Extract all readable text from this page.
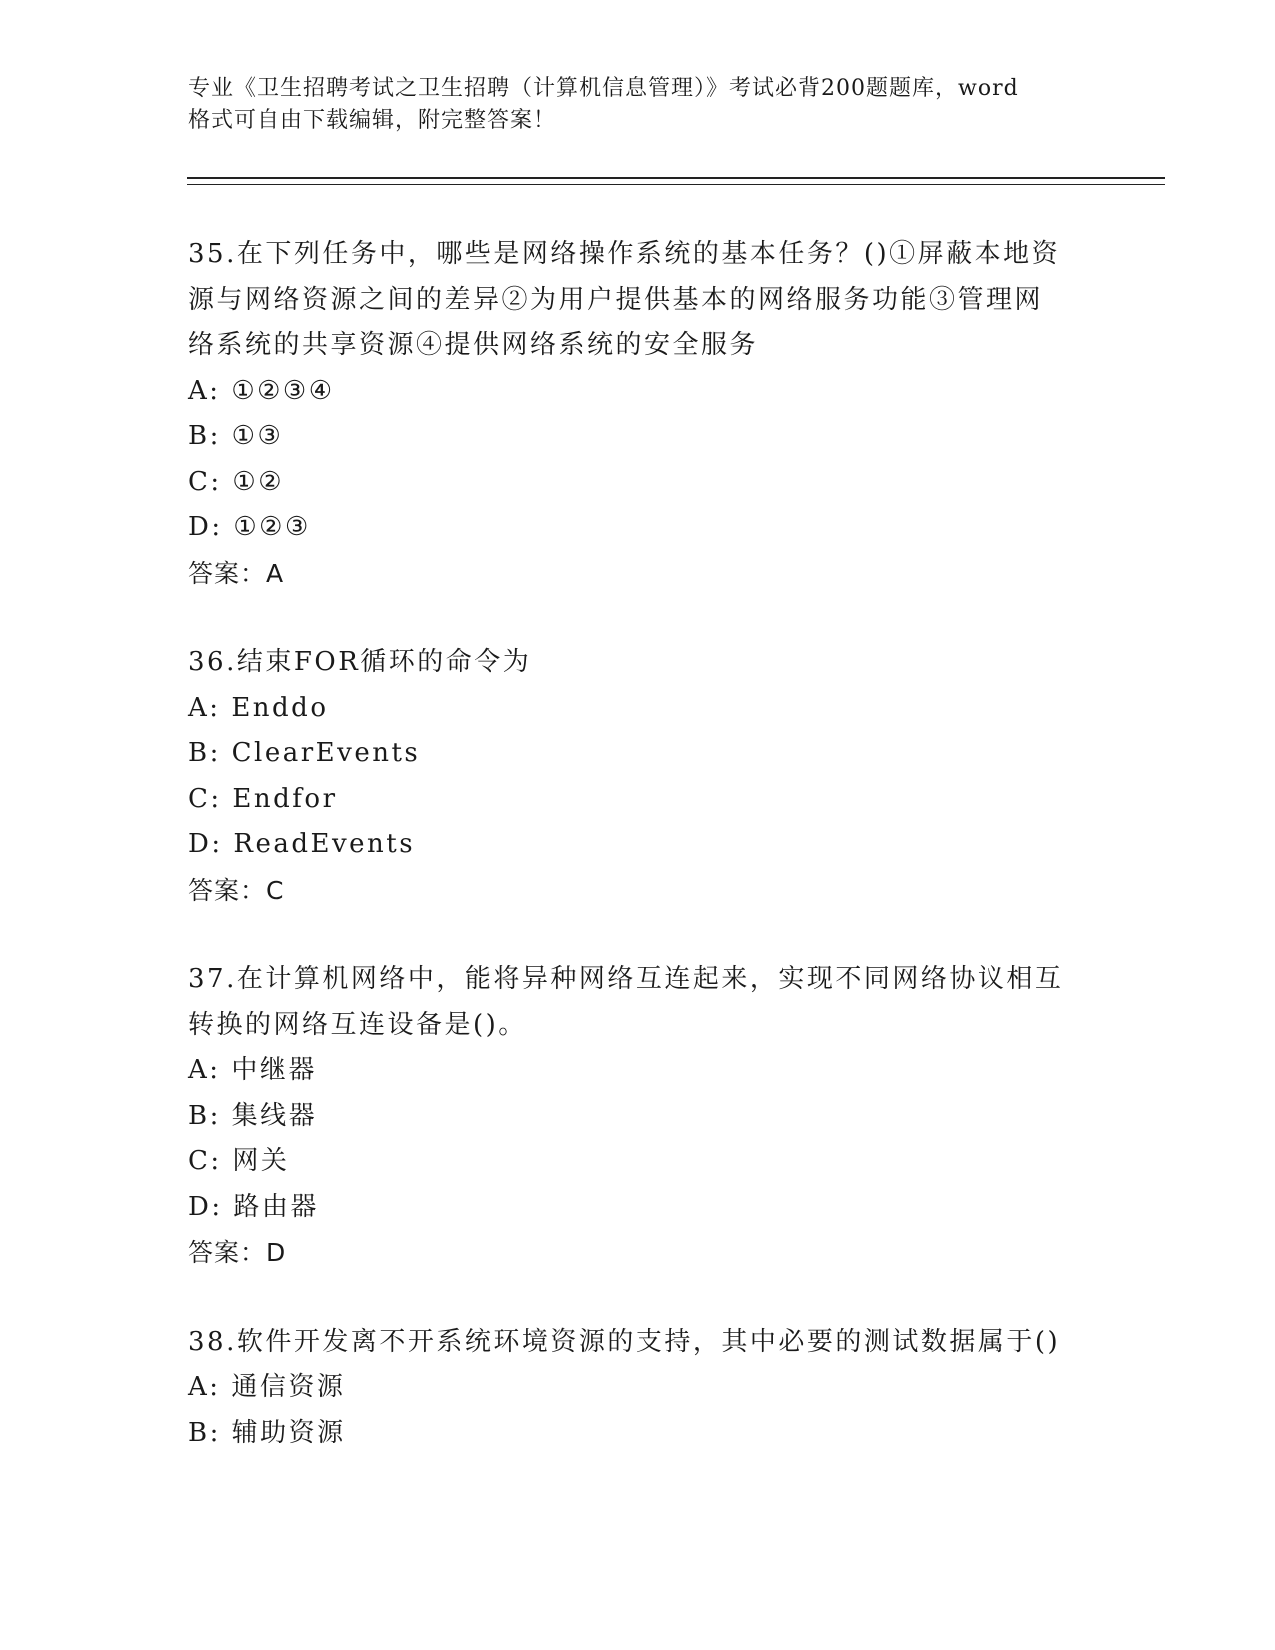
专业《卫生招聘考试之卫生招聘（计算机信息管理）》考试必背200题题库，word
格式可自由下载编辑，附完整答案！
35.在下列任务中，哪些是网络操作系统的基本任务？()①屏蔽本地资
源与网络资源之间的差异②为用户提供基本的网络服务功能③管理网
络系统的共享资源④提供网络系统的安全服务
A: ①②③④
B: ①③
C: ①②
D: ①②③
答案：A
36.结束FOR循环的命令为
A: Enddo
B: ClearEvents
C: Endfor
D: ReadEvents
答案：C
37.在计算机网络中，能将异种网络互连起来，实现不同网络协议相互
转换的网络互连设备是()。
A: 中继器
B: 集线器
C: 网关
D: 路由器
答案：D
38.软件开发离不开系统环境资源的支持，其中必要的测试数据属于()
A: 通信资源
B: 辅助资源
